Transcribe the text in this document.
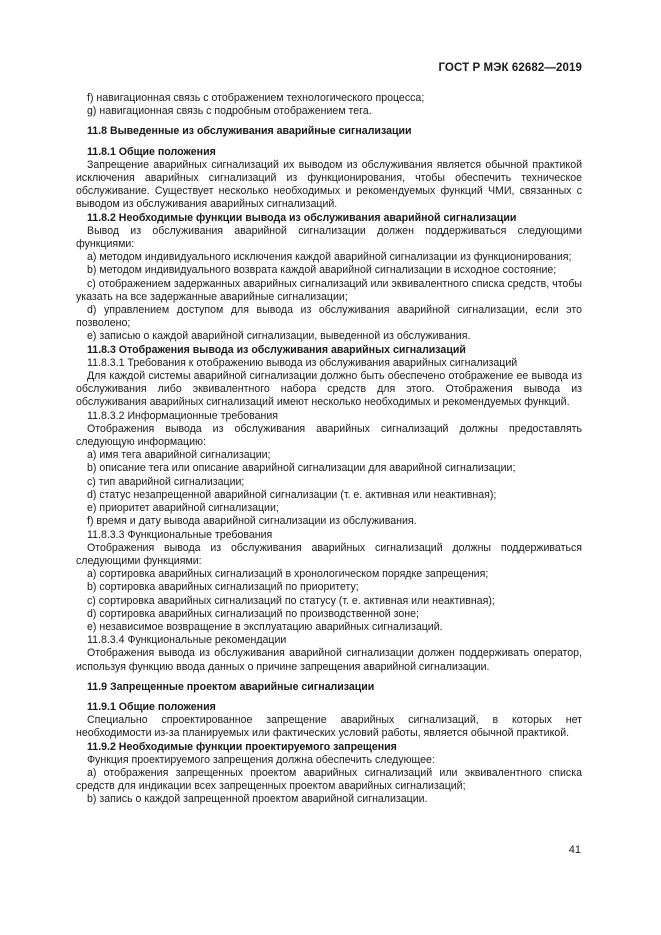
ГОСТ Р МЭК 62682—2019

f) навигационная связь с отображением технологического процесса;

g) навигационная связь с подробным отображением тега.

11.8 Выведенные из обслуживания аварийные сигнализации

11.8.1 Общие положения

Запрещение аварийных сигнализаций их выводом из обслуживания является обычной практикой исключения аварийных сигнализаций из функционирования, чтобы обеспечить техническое обслуживание. Существует несколько необходимых и рекомендуемых функций ЧМИ, связанных с выводом из обслуживания аварийных сигнализаций.

11.8.2 Необходимые функции вывода из обслуживания аварийной сигнализации

Вывод из обслуживания аварийной сигнализации должен поддерживаться следующими функциями:

a) методом индивидуального исключения каждой аварийной сигнализации из функционирования;

b) методом индивидуального возврата каждой аварийной сигнализации в исходное состояние;

c) отображением задержанных аварийных сигнализаций или эквивалентного списка средств, чтобы указать на все задержанные аварийные сигнализации;

d) управлением доступом для вывода из обслуживания аварийной сигнализации, если это позволено;

e) записью о каждой аварийной сигнализации, выведенной из обслуживания.

11.8.3 Отображения вывода из обслуживания аварийных сигнализаций

11.8.3.1 Требования к отображению вывода из обслуживания аварийных сигнализаций

Для каждой системы аварийной сигнализации должно быть обеспечено отображение ее вывода из обслуживания либо эквивалентного набора средств для этого. Отображения вывода из обслуживания аварийных сигнализаций имеют несколько необходимых и рекомендуемых функций.

11.8.3.2 Информационные требования

Отображения вывода из обслуживания аварийных сигнализаций должны предоставлять следующую информацию:

a) имя тега аварийной сигнализации;

b) описание тега или описание аварийной сигнализации для аварийной сигнализации;

c) тип аварийной сигнализации;

d) статус незапрещенной аварийной сигнализации (т. е. активная или неактивная);

e) приоритет аварийной сигнализации;

f) время и дату вывода аварийной сигнализации из обслуживания.

11.8.3.3 Функциональные требования

Отображения вывода из обслуживания аварийных сигнализаций должны поддерживаться следующими функциями:

a) сортировка аварийных сигнализаций в хронологическом порядке запрещения;

b) сортировка аварийных сигнализаций по приоритету;

c) сортировка аварийных сигнализаций по статусу (т. е. активная или неактивная);

d) сортировка аварийных сигнализаций по производственной зоне;

e) независимое возвращение в эксплуатацию аварийных сигнализаций.

11.8.3.4 Функциональные рекомендации

Отображения вывода из обслуживания аварийной сигнализации должен поддерживать оператор, используя функцию ввода данных о причине запрещения аварийной сигнализации.

11.9 Запрещенные проектом аварийные сигнализации

11.9.1 Общие положения

Специально спроектированное запрещение аварийных сигнализаций, в которых нет необходимости из-за планируемых или фактических условий работы, является обычной практикой.

11.9.2 Необходимые функции проектируемого запрещения

Функция проектируемого запрещения должна обеспечить следующее:

a) отображения запрещенных проектом аварийных сигнализаций или эквивалентного списка средств для индикации всех запрещенных проектом аварийных сигнализаций;

b) запись о каждой запрещенной проектом аварийной сигнализации.

41
